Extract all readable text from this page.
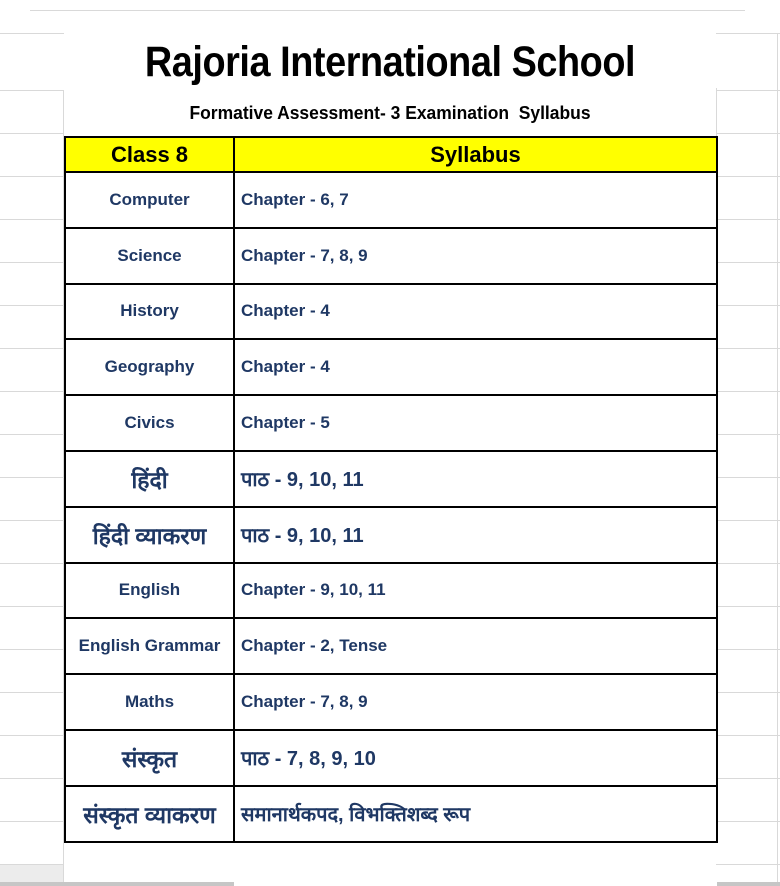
Rajoria International School
Formative Assessment- 3 Examination  Syllabus
Class 8	Syllabus
Computer	Chapter - 6, 7
Science	Chapter - 7, 8, 9
History	Chapter - 4
Geography	Chapter - 4
Civics	Chapter - 5
हिंदी	पाठ - 9, 10, 11
हिंदी व्याकरण	पाठ - 9, 10, 11
English	Chapter - 9, 10, 11
English Grammar	Chapter - 2, Tense
Maths	Chapter - 7, 8, 9
संस्कृत	पाठ - 7, 8, 9, 10
संस्कृत व्याकरण	समानार्थकपद, विभक्तिशब्द रूप
